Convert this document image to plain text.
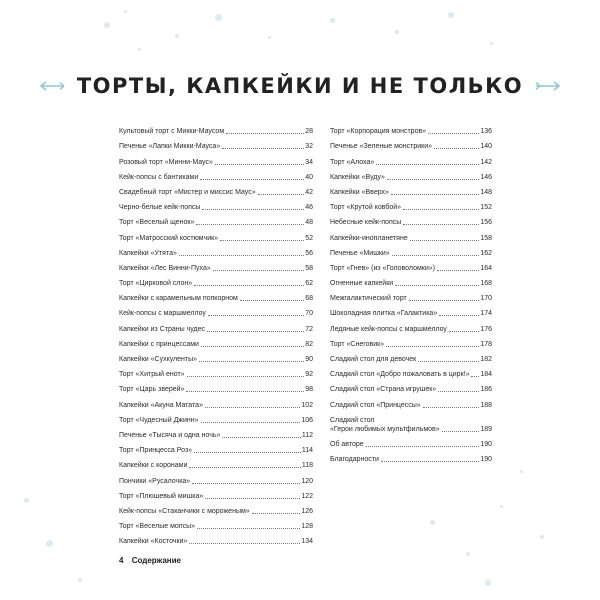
ТОРТЫ, КАПКЕЙКИ И НЕ ТОЛЬКО
Культовый торт с Микки-Маусом	28
Печенье «Лапки Микки-Мауса»	32
Розовый торт «Минни-Маус»	34
Кейк-попсы с бантиками	40
Свадебный торт «Мистер и миссис Маус»	42
Черно-белые кейк-попсы	46
Торт «Веселый щенок»	48
Торт «Матросский костюмчик»	52
Капкейки «Утята»	56
Капкейки «Лес Винни-Пуха»	58
Торт «Цирковой слон»	62
Капкейки с карамельным попкорном	68
Кейк-попсы с маршмеллоу	70
Капкейки из Страны чудес	72
Капкейки с принцессами	82
Капкейки «Сухкуленты»	90
Торт «Хитрый енот»	92
Торт «Царь зверей»	98
Капкейки «Акуна Матата»	102
Торт «Чудесный Джинн»	106
Печенье «Тысяча и одна ночь»	112
Торт «Принцесса Роз»	114
Капкейки с коронами	118
Пончики «Русалочка»	120
Торт «Плюшевый мишка»	122
Кейк-попсы «Стаканчики с мороженым»	126
Торт «Веселые мопсы»	128
Капкейки «Косточки»	134
Торт «Корпорация монстров»	136
Печенье «Зеленые монстрики»	140
Торт «Алоха»	142
Капкейки «Вуду»	146
Капкейки «Вверх»	148
Торт «Крутой ковбой»	152
Небесные кейк-попсы	156
Капкейки-инопланетяне	158
Печенье «Мишки»	162
Торт «Гнев» (из «Головоломки»)	164
Огненные капкейки	168
Межгалактический торт	170
Шоколадная плитка «Галактика»	174
Ледяные кейк-попсы с маршмеллоу	176
Торт «Снеговик»	178
Сладкий стол для девочек	182
Сладкий стол «Добро пожаловать в цирк!» 184
Сладкий стол «Страна игрушек»	186
Сладкий стол «Принцессы»	188
Сладкий стол
«Герои любимых мультфильмов»	189
Об авторе	190
Благодарности	190
4 Содержание
